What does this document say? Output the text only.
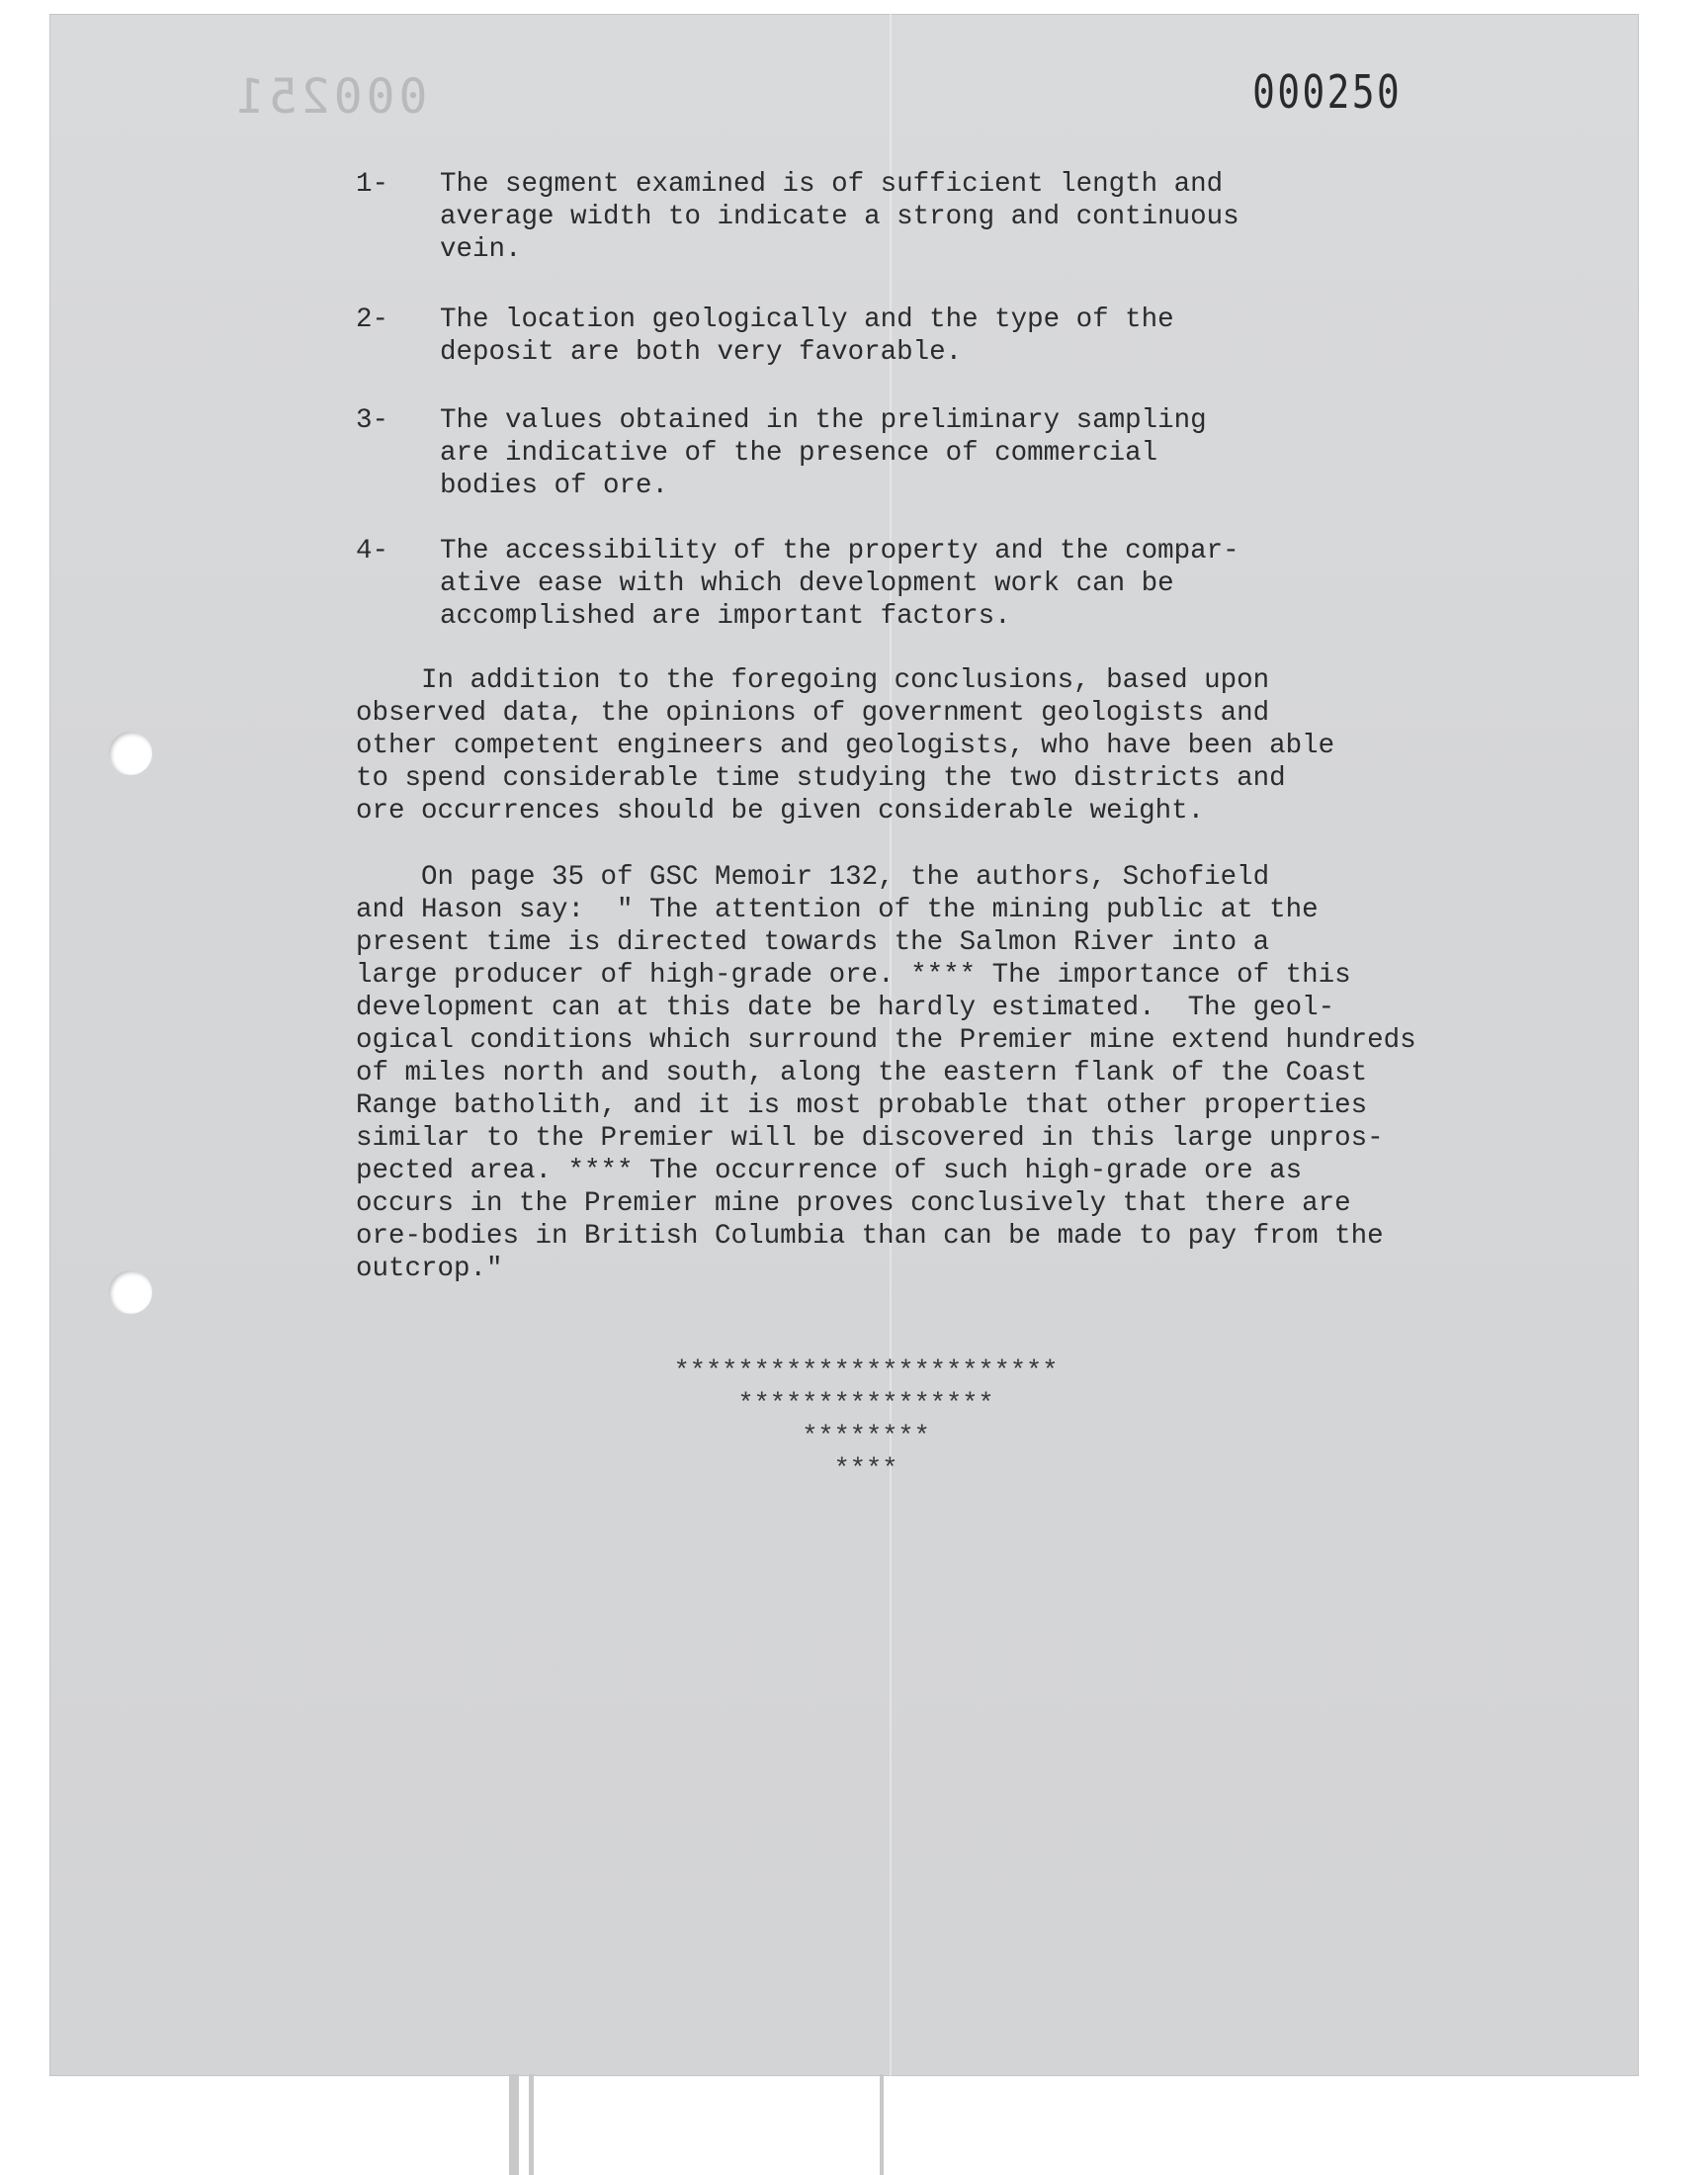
000251	000250
1- The segment examined is of sufficient length and
average width to indicate a strong and continuous
vein.
2- The location geologically and the type of the
deposit are both very favorable.
3- The values obtained in the preliminary sampling
are indicative of the presence of commercial
bodies of ore.
4- The accessibility of the property and the compar-
ative ease with which development work can be
accomplished are important factors.
In addition to the foregoing conclusions, based upon
observed data, the opinions of government geologists and
other competent engineers and geologists, who have been able
to spend considerable time studying the two districts and
ore occurrences should be given considerable weight.
On page 35 of GSC Memoir 132, the authors, Schofield
and Hason say:  " The attention of the mining public at the
present time is directed towards the Salmon River into a
large producer of high-grade ore. **** The importance of this
development can at this date be hardly estimated.  The geol-
ogical conditions which surround the Premier mine extend hundreds
of miles north and south, along the eastern flank of the Coast
Range batholith, and it is most probable that other properties
similar to the Premier will be discovered in this large unpros-
pected area. **** The occurrence of such high-grade ore as
occurs in the Premier mine proves conclusively that there are
ore-bodies in British Columbia than can be made to pay from the
outcrop."
************************
****************
********
****
